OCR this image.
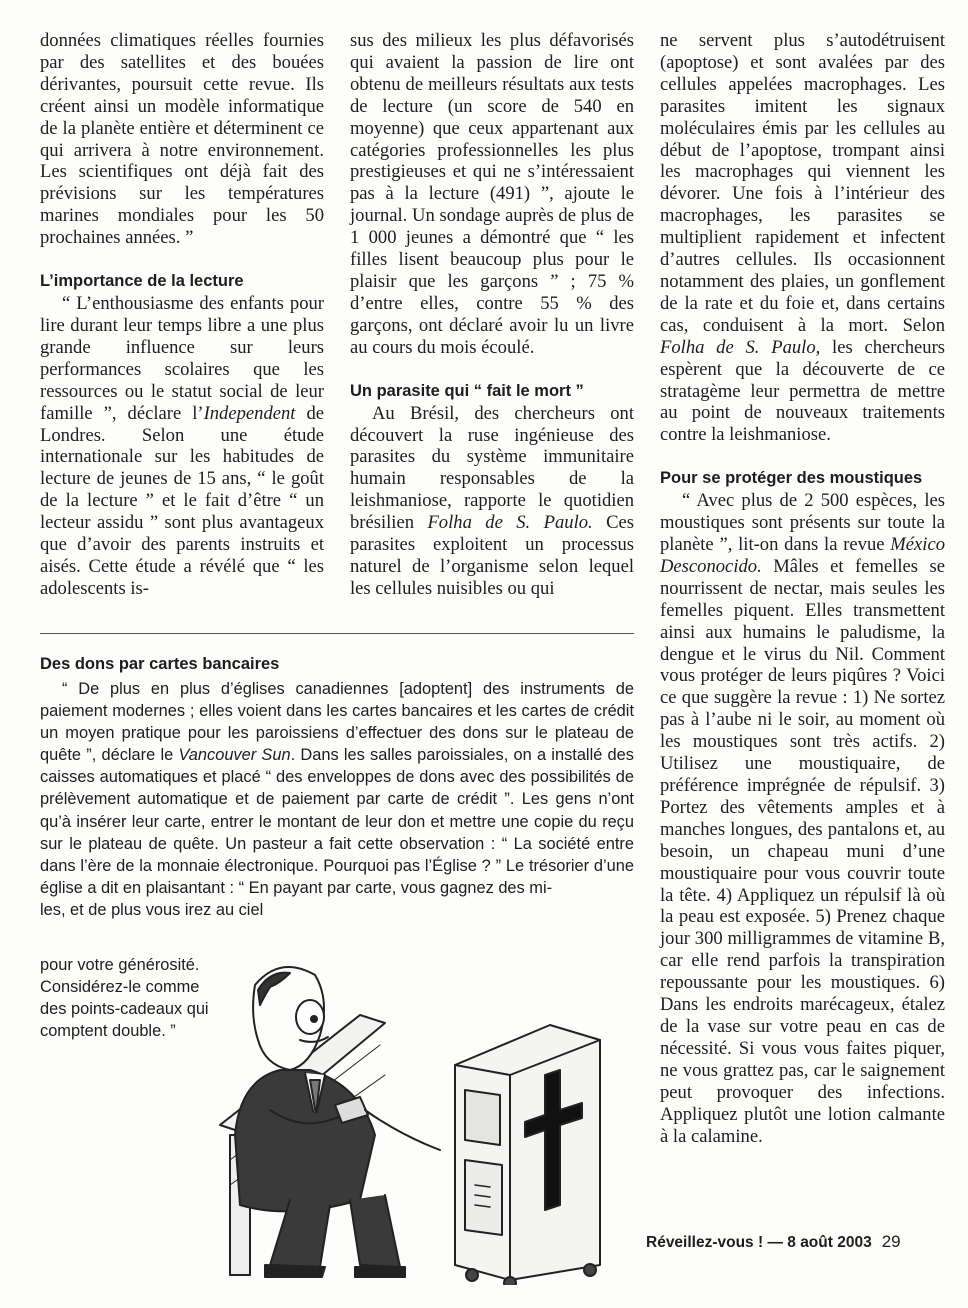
données climatiques réelles fournies par des satellites et des bouées dérivantes, poursuit cette revue. Ils créent ainsi un modèle informatique de la planète entière et déterminent ce qui arrivera à notre environnement. Les scientifiques ont déjà fait des prévisions sur les températures marines mondiales pour les 50 prochaines années. ”

L’importance de la lecture

“ L’enthousiasme des enfants pour lire durant leur temps libre a une plus grande influence sur leurs performances scolaires que les ressources ou le statut social de leur famille ”, déclare l’Independent de Londres. Selon une étude internationale sur les habitudes de lecture de jeunes de 15 ans, “ le goût de la lecture ” et le fait d’être “ un lecteur assidu ” sont plus avantageux que d’avoir des parents instruits et aisés. Cette étude a révélé que “ les adolescents is-

sus des milieux les plus défavorisés qui avaient la passion de lire ont obtenu de meilleurs résultats aux tests de lecture (un score de 540 en moyenne) que ceux appartenant aux catégories professionnelles les plus prestigieuses et qui ne s’intéressaient pas à la lecture (491) ”, ajoute le journal. Un sondage auprès de plus de 1 000 jeunes a démontré que “ les filles lisent beaucoup plus pour le plaisir que les garçons ” ; 75 % d’entre elles, contre 55 % des garçons, ont déclaré avoir lu un livre au cours du mois écoulé.

Un parasite qui “ fait le mort ”

Au Brésil, des chercheurs ont découvert la ruse ingénieuse des parasites du système immunitaire humain responsables de la leishmaniose, rapporte le quotidien brésilien Folha de S. Paulo. Ces parasites exploitent un processus naturel de l’organisme selon lequel les cellules nuisibles ou qui

ne servent plus s’autodétruisent (apoptose) et sont avalées par des cellules appelées macrophages. Les parasites imitent les signaux moléculaires émis par les cellules au début de l’apoptose, trompant ainsi les macrophages qui viennent les dévorer. Une fois à l’intérieur des macrophages, les parasites se multiplient rapidement et infectent d’autres cellules. Ils occasionnent notamment des plaies, un gonflement de la rate et du foie et, dans certains cas, conduisent à la mort. Selon Folha de S. Paulo, les chercheurs espèrent que la découverte de ce stratagème leur permettra de mettre au point de nouveaux traitements contre la leishmaniose.

Pour se protéger des moustiques

“ Avec plus de 2 500 espèces, les moustiques sont présents sur toute la planète ”, lit-on dans la revue México Desconocido. Mâles et femelles se nourrissent de nectar, mais seules les femelles piquent. Elles transmettent ainsi aux humains le paludisme, la dengue et le virus du Nil. Comment vous protéger de leurs piqûres ? Voici ce que suggère la revue : 1) Ne sortez pas à l’aube ni le soir, au moment où les moustiques sont très actifs. 2) Utilisez une moustiquaire, de préférence imprégnée de répulsif. 3) Portez des vêtements amples et à manches longues, des pantalons et, au besoin, un chapeau muni d’une moustiquaire pour vous couvrir toute la tête. 4) Appliquez un répulsif là où la peau est exposée. 5) Prenez chaque jour 300 milligrammes de vitamine B, car elle rend parfois la transpiration repoussante pour les moustiques. 6) Dans les endroits marécageux, étalez de la vase sur votre peau en cas de nécessité. Si vous vous faites piquer, ne vous grattez pas, car le saignement peut provoquer des infections. Appliquez plutôt une lotion calmante à la calamine.

Des dons par cartes bancaires

“ De plus en plus d’églises canadiennes [adoptent] des instruments de paiement modernes ; elles voient dans les cartes bancaires et les cartes de crédit un moyen pratique pour les paroissiens d’effectuer des dons sur le plateau de quête ”, déclare le Vancouver Sun. Dans les salles paroissiales, on a installé des caisses automatiques et placé “ des enveloppes de dons avec des possibilités de prélèvement automatique et de paiement par carte de crédit ”. Les gens n’ont qu’à insérer leur carte, entrer le montant de leur don et mettre une copie du reçu sur le plateau de quête. Un pasteur a fait cette observation : “ La société entre dans l’ère de la monnaie électronique. Pourquoi pas l’Église ? ” Le trésorier d’une église a dit en plaisantant : “ En payant par carte, vous gagnez des mi-

les, et de plus vous irez au ciel

pour votre générosité.

Considérez-le comme

des points-cadeaux qui

comptent double. ”

Réveillez-vous ! — 8 août 2003 29
